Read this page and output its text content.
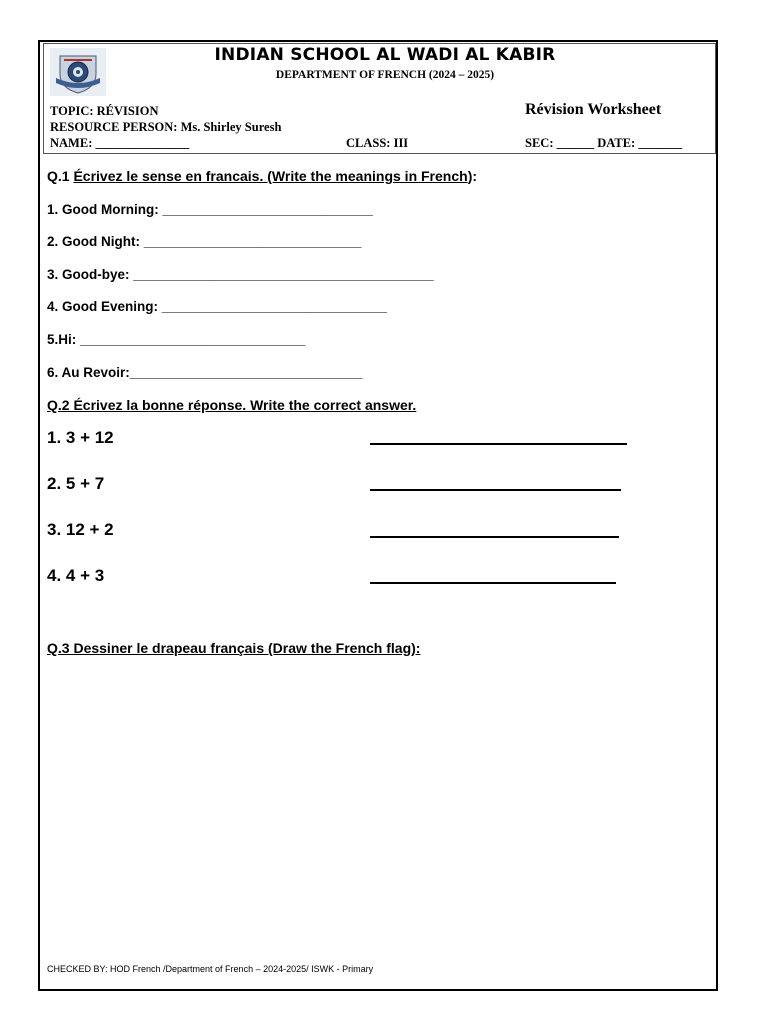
INDIAN SCHOOL AL WADI AL KABIR
DEPARTMENT OF FRENCH (2024 – 2025)
TOPIC: RÉVISION
RESOURCE PERSON: Ms. Shirley Suresh
NAME: _______________	CLASS: III	SEC: ______ DATE: _______
Révision Worksheet
Q.1 Écrivez le sense en francais. (Write the meanings in French):
1. Good Morning: ____________________________
2. Good Night: _____________________________
3. Good-bye: ________________________________________
4. Good Evening: ______________________________
5.Hi: ______________________________
6. Au Revoir:_______________________________
Q.2 Écrivez la bonne réponse. Write the correct answer.
1. 3 + 12
2. 5 + 7
3. 12 + 2
4. 4 + 3
Q.3 Dessiner le drapeau français (Draw the French flag):
CHECKED BY: HOD French /Department of French – 2024-2025/ ISWK - Primary
